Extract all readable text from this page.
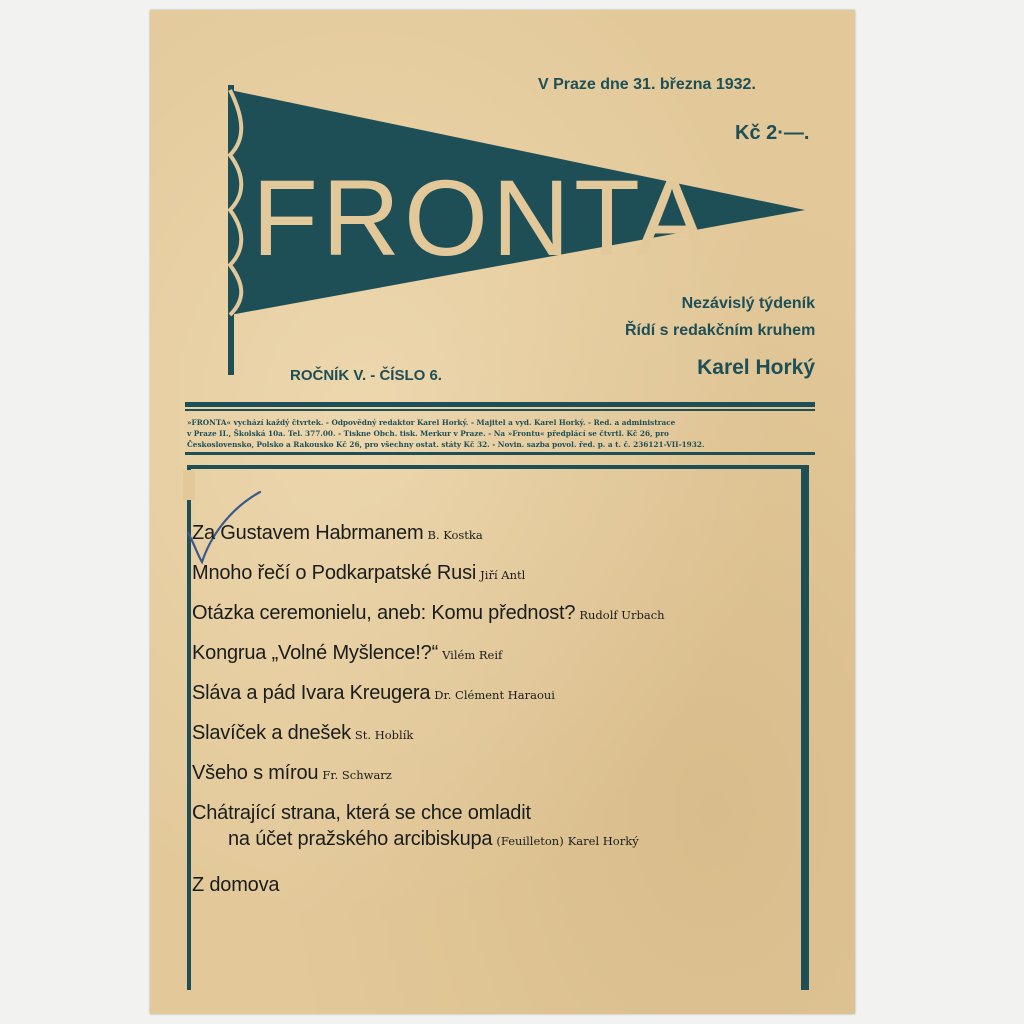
FRONTA
V Praze dne 31. března 1932.
Kč 2·—.
Nezávislý týdeník
Řídí s redakčním kruhem
Karel Horký
ROČNÍK V. - ČÍSLO 6.
»FRONTA« vychází každý čtvrtek. - Odpovědný redaktor Karel Horký. - Majitel a vyd. Karel Horký. - Red. a administrace
v Praze II., Školská 10a. Tel. 377.00. - Tiskne Obch. tisk. Merkur v Praze. - Na »Frontu« předplácí se čtvrtl. Kč 26, pro
Československo, Polsko a Rakousko Kč 26, pro všechny ostat. státy Kč 32. - Novin. sazba povol. řed. p. a t. č. 236121-VII-1932.
Za Gustavem Habrmanem B. Kostka
Mnoho řečí o Podkarpatské Rusi Jiří Antl
Otázka ceremonielu, aneb: Komu přednost? Rudolf Urbach
Kongrua „Volné Myšlence!?“ Vilém Reif
Sláva a pád Ivara Kreugera Dr. Clément Haraoui
Slavíček a dnešek St. Hoblík
Všeho s mírou Fr. Schwarz
Chátrající strana, která se chce omladit
na účet pražského arcibiskupa (Feuilleton) Karel Horký
Z domova
